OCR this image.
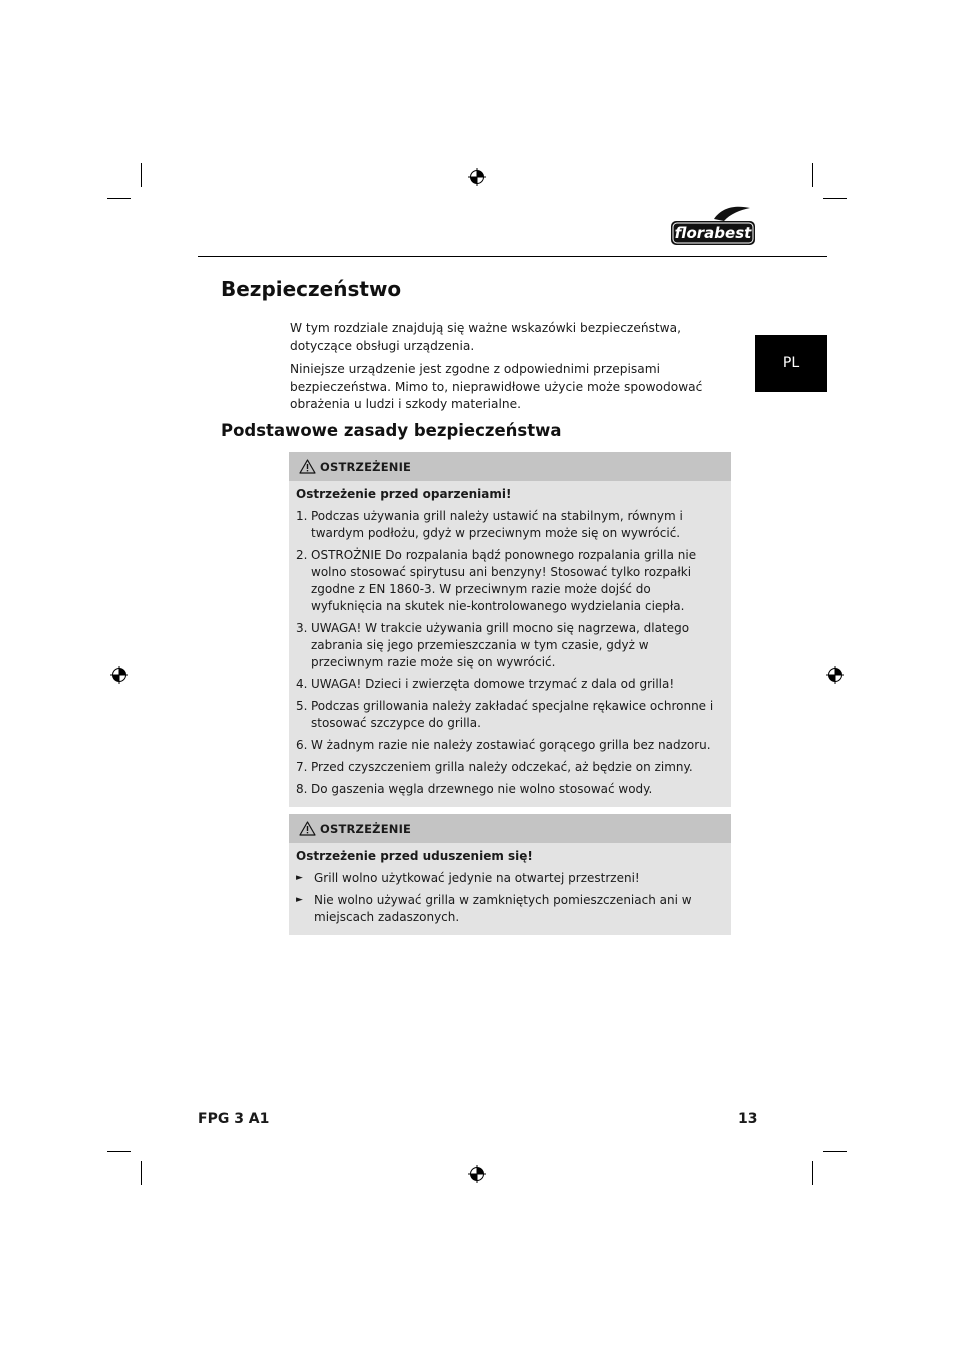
florabest
PL
Bezpieczeństwo

W tym rozdziale znajdują się ważne wskazówki bezpieczeństwa, dotyczące obsługi urządzenia.

Niniejsze urządzenie jest zgodne z odpowiednimi przepisami bezpieczeństwa. Mimo to, nieprawidłowe użycie może spowodować obrażenia u ludzi i szkody materialne.

Podstawowe zasady bezpieczeństwa
OSTRZEŻENIE
Ostrzeżenie przed oparzeniami!
1. Podczas używania grill należy ustawić na stabilnym, równym i twardym podłożu, gdyż w przeciwnym może się on wywrócić.
2. OSTROŻNIE Do rozpalania bądź ponownego rozpalania grilla nie wolno stosować spirytusu ani benzyny! Stosować tylko rozpałki zgodne z EN 1860-3. W przeciwnym razie może dojść do wyfuknięcia na skutek nie-kontrolowanego wydzielania ciepła.
3. UWAGA! W trakcie używania grill mocno się nagrzewa, dlatego zabrania się jego przemieszczania w tym czasie, gdyż w przeciwnym razie może się on wywrócić.
4. UWAGA! Dzieci i zwierzęta domowe trzymać z dala od grilla!
5. Podczas grillowania należy zakładać specjalne rękawice ochronne i stosować szczypce do grilla.
6. W żadnym razie nie należy zostawiać gorącego grilla bez nadzoru.
7. Przed czyszczeniem grilla należy odczekać, aż będzie on zimny.
8. Do gaszenia węgla drzewnego nie wolno stosować wody.
OSTRZEŻENIE
Ostrzeżenie przed uduszeniem się!
► Grill wolno użytkować jedynie na otwartej przestrzeni!
► Nie wolno używać grilla w zamkniętych pomieszczeniach ani w miejscach zadaszonych.
FPG 3 A1	13
